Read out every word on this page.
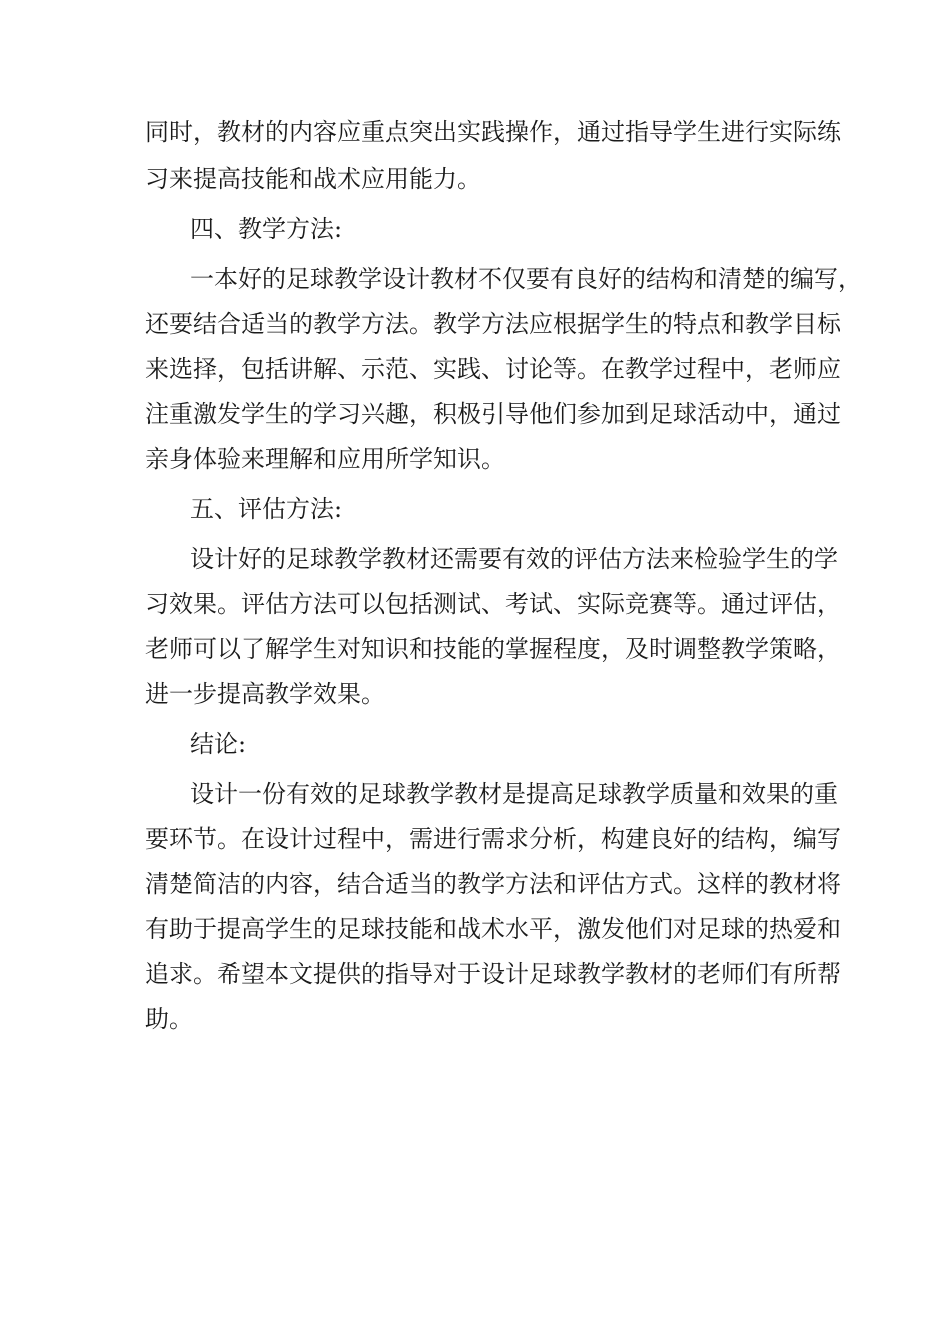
同时，教材的内容应重点突出实践操作，通过指导学生进行实际练
习来提高技能和战术应用能力。
四、教学方法:
一本好的足球教学设计教材不仅要有良好的结构和清楚的编写，
还要结合适当的教学方法。教学方法应根据学生的特点和教学目标
来选择，包括讲解、示范、实践、讨论等。在教学过程中，老师应
注重激发学生的学习兴趣，积极引导他们参加到足球活动中，通过
亲身体验来理解和应用所学知识。
五、评估方法:
设计好的足球教学教材还需要有效的评估方法来检验学生的学
习效果。评估方法可以包括测试、考试、实际竞赛等。通过评估，
老师可以了解学生对知识和技能的掌握程度，及时调整教学策略，
进一步提高教学效果。
结论:
设计一份有效的足球教学教材是提高足球教学质量和效果的重
要环节。在设计过程中，需进行需求分析，构建良好的结构，编写
清楚简洁的内容，结合适当的教学方法和评估方式。这样的教材将
有助于提高学生的足球技能和战术水平，激发他们对足球的热爱和
追求。希望本文提供的指导对于设计足球教学教材的老师们有所帮
助。
